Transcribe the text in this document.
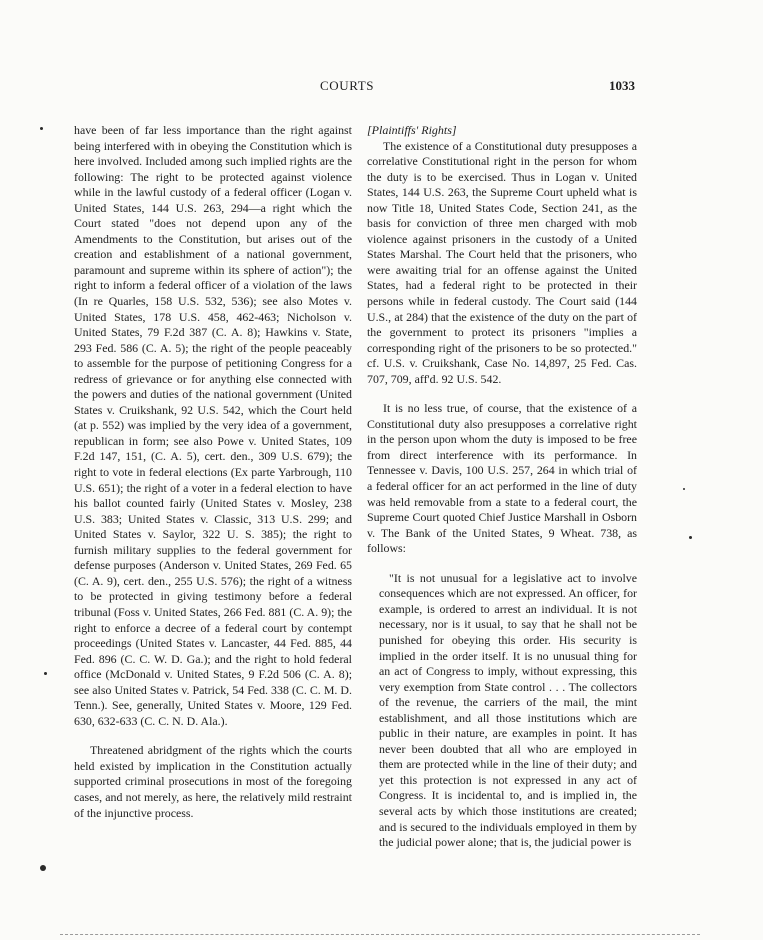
COURTS	1033

have been of far less importance than the right against being interfered with in obeying the Constitution which is here involved. Included among such implied rights are the following: The right to be protected against violence while in the lawful custody of a federal officer (Logan v. United States, 144 U.S. 263, 294—a right which the Court stated "does not depend upon any of the Amendments to the Constitution, but arises out of the creation and establishment of a national government, paramount and supreme within its sphere of action"); the right to inform a federal officer of a violation of the laws (In re Quarles, 158 U.S. 532, 536); see also Motes v. United States, 178 U.S. 458, 462-463; Nicholson v. United States, 79 F.2d 387 (C. A. 8); Hawkins v. State, 293 Fed. 586 (C. A. 5); the right of the people peaceably to assemble for the purpose of petitioning Congress for a redress of grievance or for anything else connected with the powers and duties of the national government (United States v. Cruikshank, 92 U.S. 542, which the Court held (at p. 552) was implied by the very idea of a government, republican in form; see also Powe v. United States, 109 F.2d 147, 151, (C. A. 5), cert. den., 309 U.S. 679); the right to vote in federal elections (Ex parte Yarbrough, 110 U.S. 651); the right of a voter in a federal election to have his ballot counted fairly (United States v. Mosley, 238 U.S. 383; United States v. Classic, 313 U.S. 299; and United States v. Saylor, 322 U. S. 385); the right to furnish military supplies to the federal government for defense purposes (Anderson v. United States, 269 Fed. 65 (C. A. 9), cert. den., 255 U.S. 576); the right of a witness to be protected in giving testimony before a federal tribunal (Foss v. United States, 266 Fed. 881 (C. A. 9); the right to enforce a decree of a federal court by contempt proceedings (United States v. Lancaster, 44 Fed. 885, 44 Fed. 896 (C. C. W. D. Ga.); and the right to hold federal office (McDonald v. United States, 9 F.2d 506 (C. A. 8); see also United States v. Patrick, 54 Fed. 338 (C. C. M. D. Tenn.). See, generally, United States v. Moore, 129 Fed. 630, 632-633 (C. C. N. D. Ala.).

Threatened abridgment of the rights which the courts held existed by implication in the Constitution actually supported criminal prosecutions in most of the foregoing cases, and not merely, as here, the relatively mild restraint of the injunctive process.

[Plaintiffs' Rights]

The existence of a Constitutional duty presupposes a correlative Constitutional right in the person for whom the duty is to be exercised. Thus in Logan v. United States, 144 U.S. 263, the Supreme Court upheld what is now Title 18, United States Code, Section 241, as the basis for conviction of three men charged with mob violence against prisoners in the custody of a United States Marshal. The Court held that the prisoners, who were awaiting trial for an offense against the United States, had a federal right to be protected in their persons while in federal custody. The Court said (144 U.S., at 284) that the existence of the duty on the part of the government to protect its prisoners "implies a corresponding right of the prisoners to be so protected." cf. U.S. v. Cruikshank, Case No. 14,897, 25 Fed. Cas. 707, 709, aff'd. 92 U.S. 542.

It is no less true, of course, that the existence of a Constitutional duty also presupposes a correlative right in the person upon whom the duty is imposed to be free from direct interference with its performance. In Tennessee v. Davis, 100 U.S. 257, 264 in which trial of a federal officer for an act performed in the line of duty was held removable from a state to a federal court, the Supreme Court quoted Chief Justice Marshall in Osborn v. The Bank of the United States, 9 Wheat. 738, as follows:

"It is not unusual for a legislative act to involve consequences which are not expressed. An officer, for example, is ordered to arrest an individual. It is not necessary, nor is it usual, to say that he shall not be punished for obeying this order. His security is implied in the order itself. It is no unusual thing for an act of Congress to imply, without expressing, this very exemption from State control . . . The collectors of the revenue, the carriers of the mail, the mint establishment, and all those institutions which are public in their nature, are examples in point. It has never been doubted that all who are employed in them are protected while in the line of their duty; and yet this protection is not expressed in any act of Congress. It is incidental to, and is implied in, the several acts by which those institutions are created; and is secured to the individuals employed in them by the judicial power alone; that is, the judicial power is
